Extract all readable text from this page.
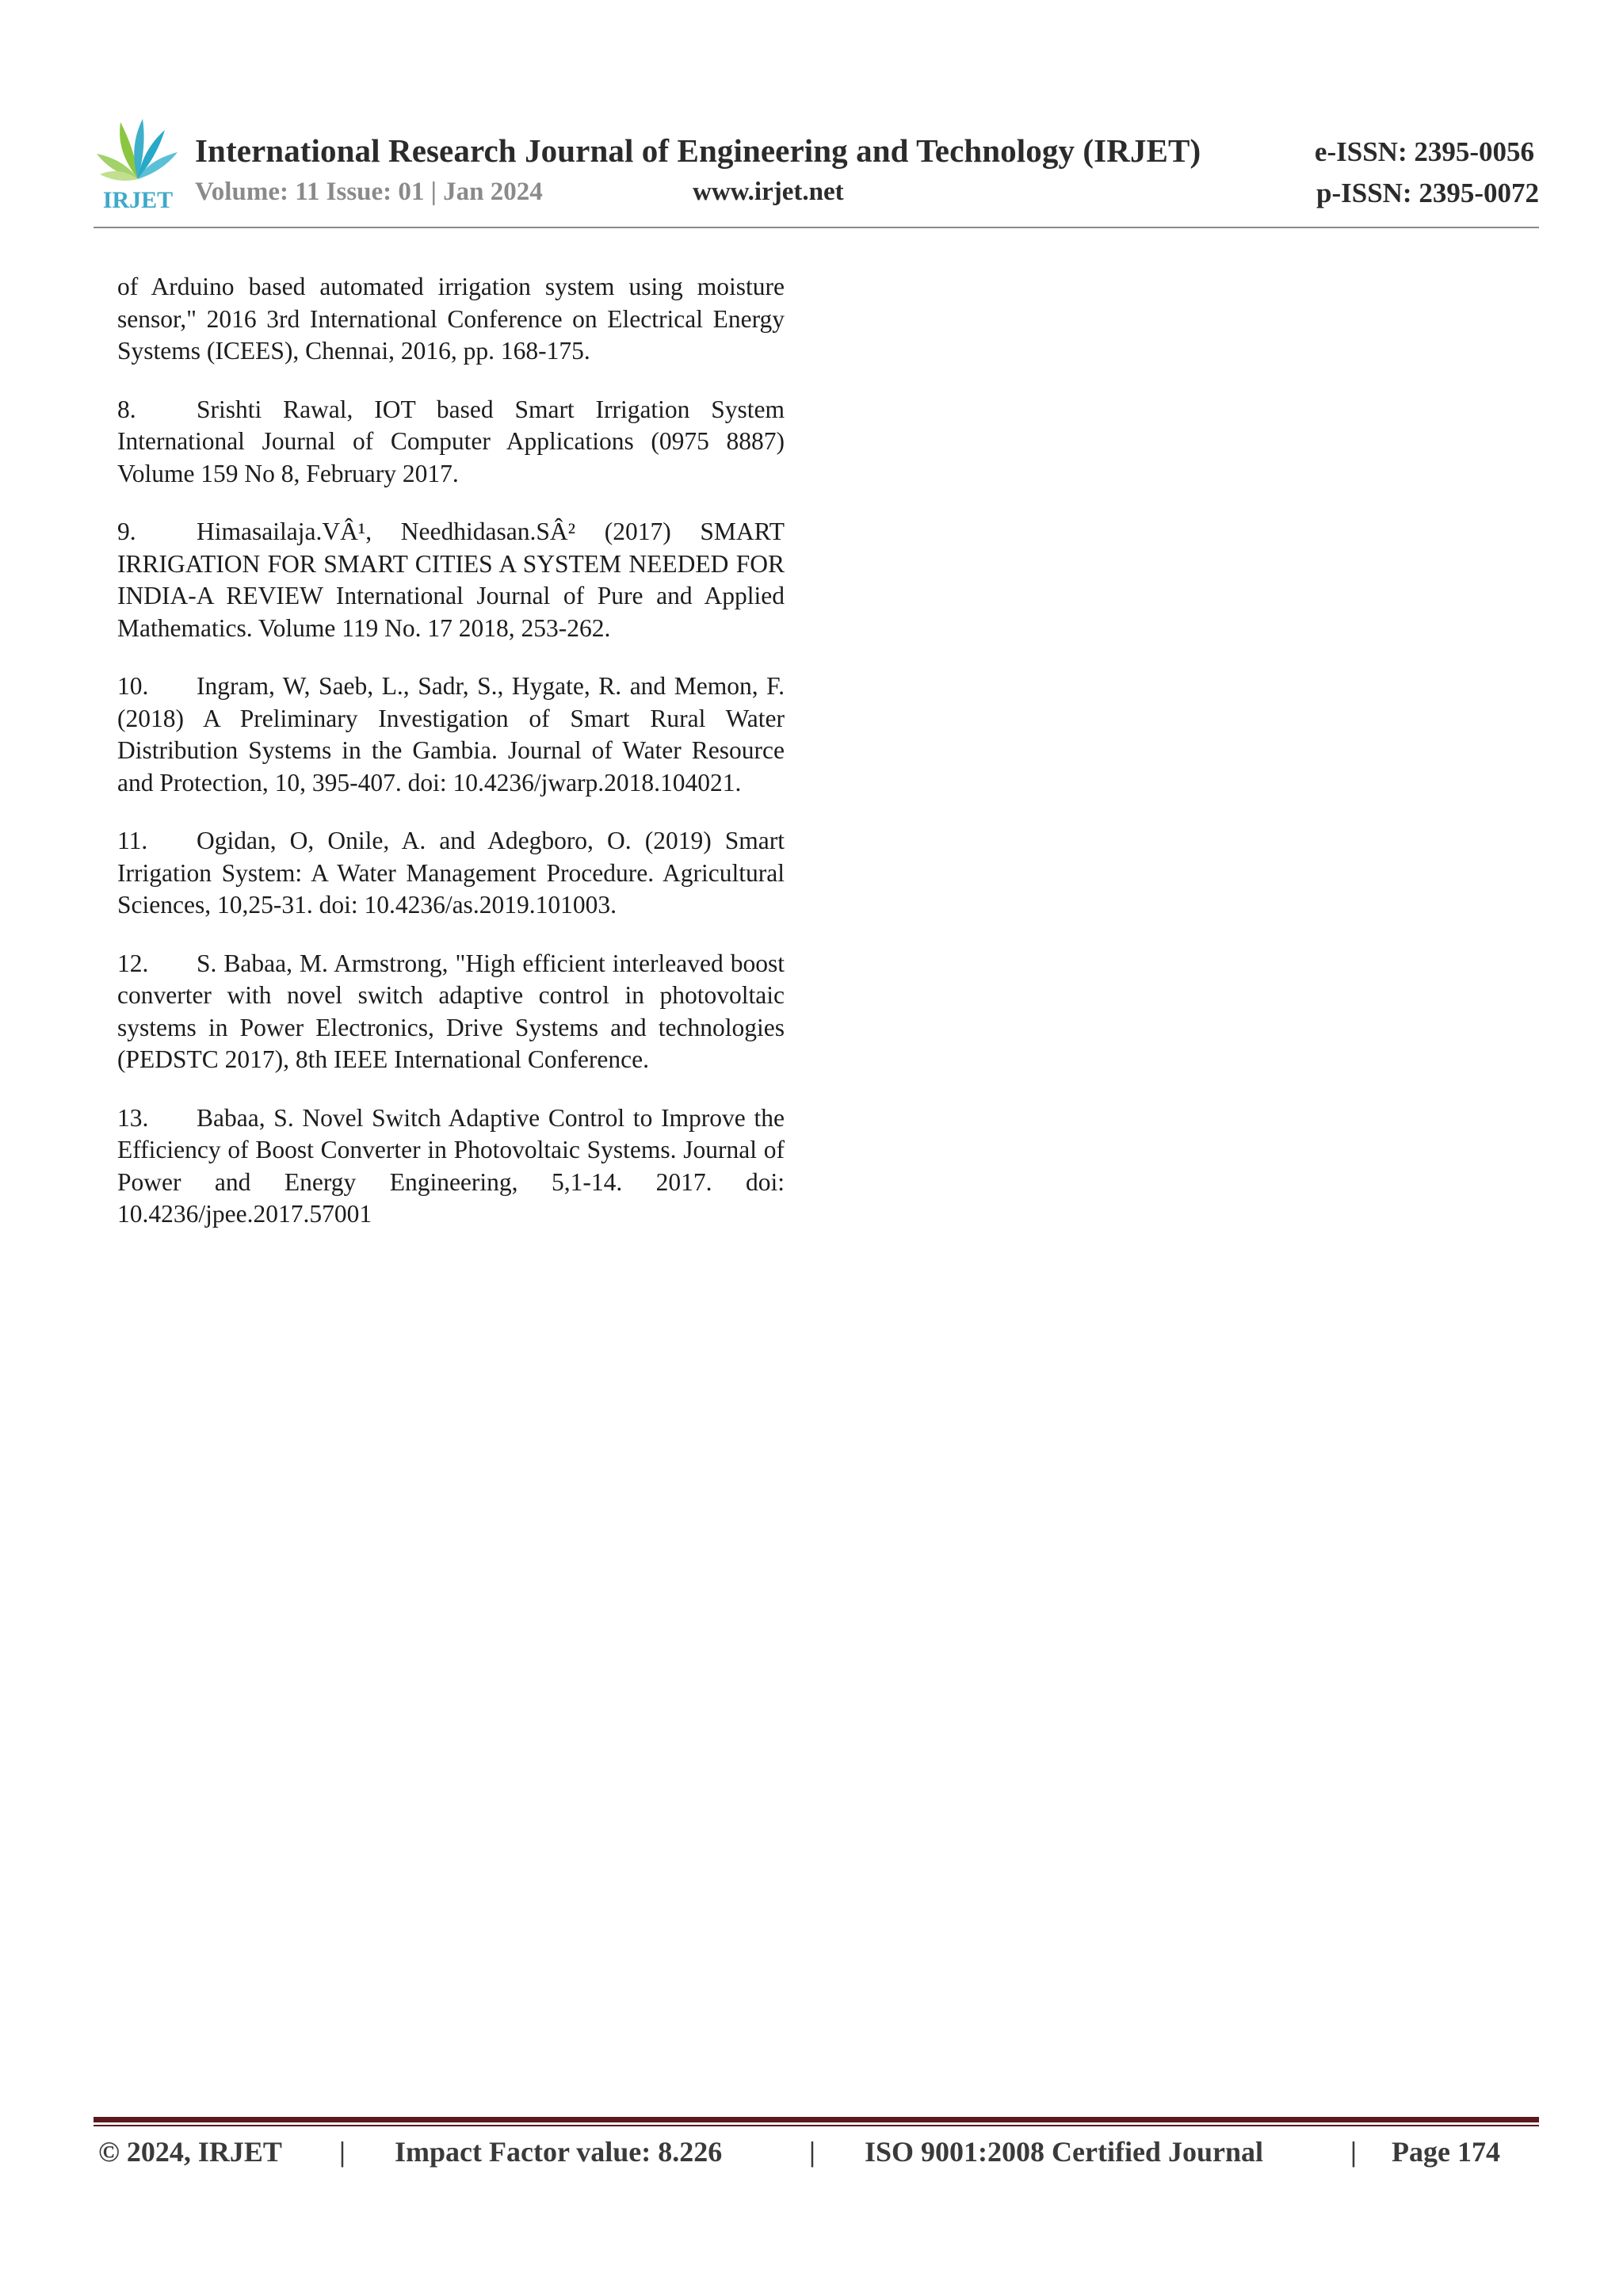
IRJET
International Research Journal of Engineering and Technology (IRJET)	e-ISSN: 2395-0056
Volume: 11 Issue: 01 | Jan 2024	www.irjet.net	p-ISSN: 2395-0072

of Arduino based automated irrigation system using moisture sensor," 2016 3rd International Conference on Electrical Energy Systems (ICEES), Chennai, 2016, pp. 168-175.

8. Srishti Rawal, IOT based Smart Irrigation System International Journal of Computer Applications (0975 8887) Volume 159 No 8, February 2017.

9. Himasailaja.VÂ¹, Needhidasan.SÂ² (2017) SMART IRRIGATION FOR SMART CITIES A SYSTEM NEEDED FOR INDIA-A REVIEW International Journal of Pure and Applied Mathematics. Volume 119 No. 17 2018, 253-262.

10. Ingram, W, Saeb, L., Sadr, S., Hygate, R. and Memon, F. (2018) A Preliminary Investigation of Smart Rural Water Distribution Systems in the Gambia. Journal of Water Resource and Protection, 10, 395-407. doi: 10.4236/jwarp.2018.104021.

11. Ogidan, O, Onile, A. and Adegboro, O. (2019) Smart Irrigation System: A Water Management Procedure. Agricultural Sciences, 10,25-31. doi: 10.4236/as.2019.101003.

12. S. Babaa, M. Armstrong, "High efficient interleaved boost converter with novel switch adaptive control in photovoltaic systems in Power Electronics, Drive Systems and technologies (PEDSTC 2017), 8th IEEE International Conference.

13. Babaa, S. Novel Switch Adaptive Control to Improve the Efficiency of Boost Converter in Photovoltaic Systems. Journal of Power and Energy Engineering, 5,1-14. 2017. doi: 10.4236/jpee.2017.57001

© 2024, IRJET | Impact Factor value: 8.226	| ISO 9001:2008 Certified Journal	| Page 174
